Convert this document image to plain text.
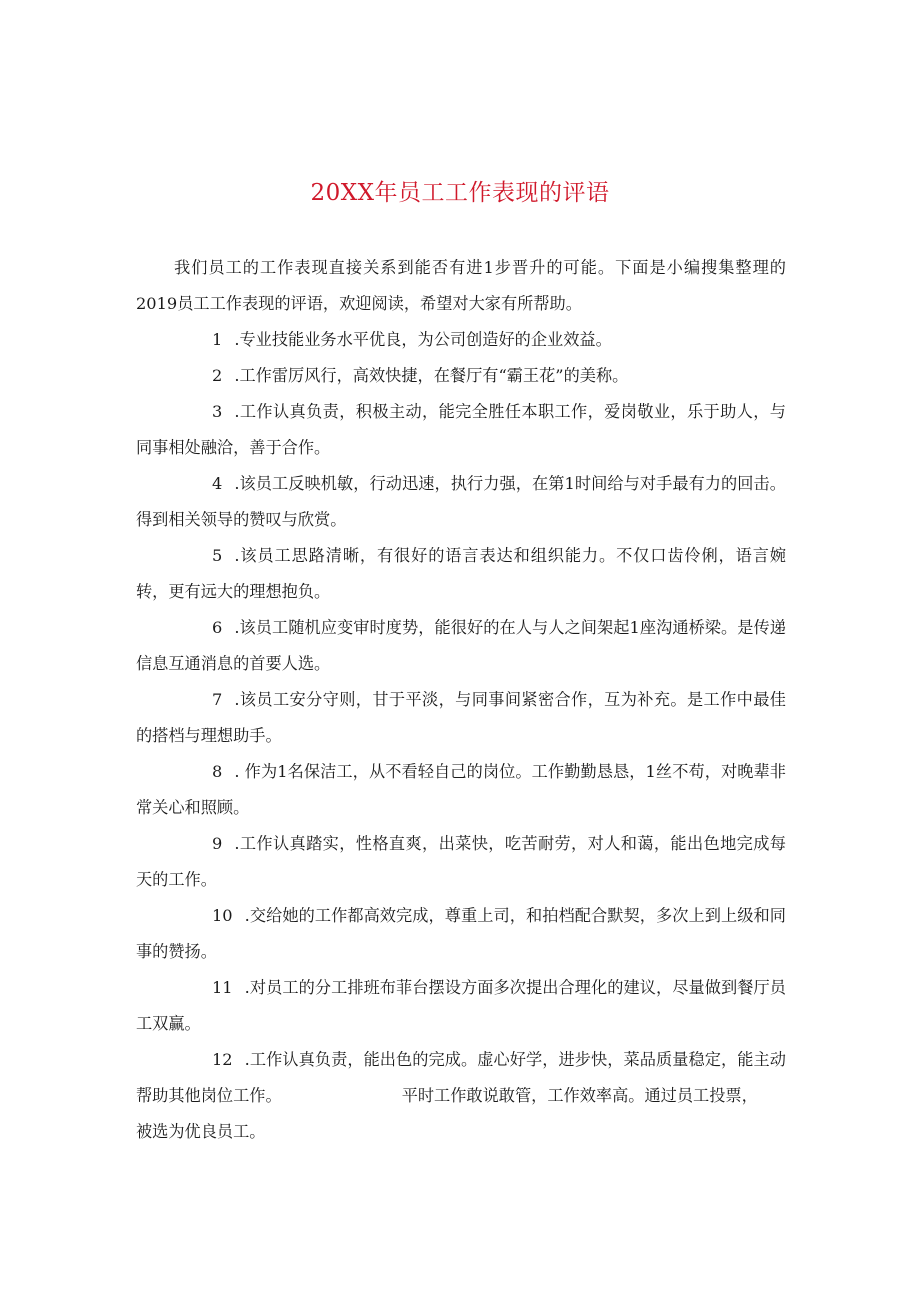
20XX年员工工作表现的评语

我们员工的工作表现直接关系到能否有进1步晋升的可能。下面是小编搜集整理的2019员工工作表现的评语，欢迎阅读，希望对大家有所帮助。

1 .专业技能业务水平优良，为公司创造好的企业效益。

2 .工作雷厉风行，高效快捷，在餐厅有“霸王花”的美称。

3 .工作认真负责，积极主动，能完全胜任本职工作，爱岗敬业，乐于助人，与同事相处融洽，善于合作。

4 .该员工反映机敏，行动迅速，执行力强，在第1时间给与对手最有力的回击。得到相关领导的赞叹与欣赏。

5 .该员工思路清晰，有很好的语言表达和组织能力。不仅口齿伶俐，语言婉转，更有远大的理想抱负。

6 .该员工随机应变审时度势，能很好的在人与人之间架起1座沟通桥梁。是传递信息互通消息的首要人选。

7 .该员工安分守则，甘于平淡，与同事间紧密合作，互为补充。是工作中最佳的搭档与理想助手。

8 . 作为1名保洁工，从不看轻自己的岗位。工作勤勤恳恳，1丝不苟，对晚辈非常关心和照顾。

9 .工作认真踏实，性格直爽，出菜快，吃苦耐劳，对人和蔼，能出色地完成每天的工作。

10 .交给她的工作都高效完成，尊重上司，和拍档配合默契，多次上到上级和同事的赞扬。

11 .对员工的分工排班布菲台摆设方面多次提出合理化的建议，尽量做到餐厅员工双赢。

12 .工作认真负责，能出色的完成。虚心好学，进步快，菜品质量稳定，能主动帮助其他岗位工作。	平时工作敢说敢管，工作效率高。通过员工投票，

被选为优良员工。
